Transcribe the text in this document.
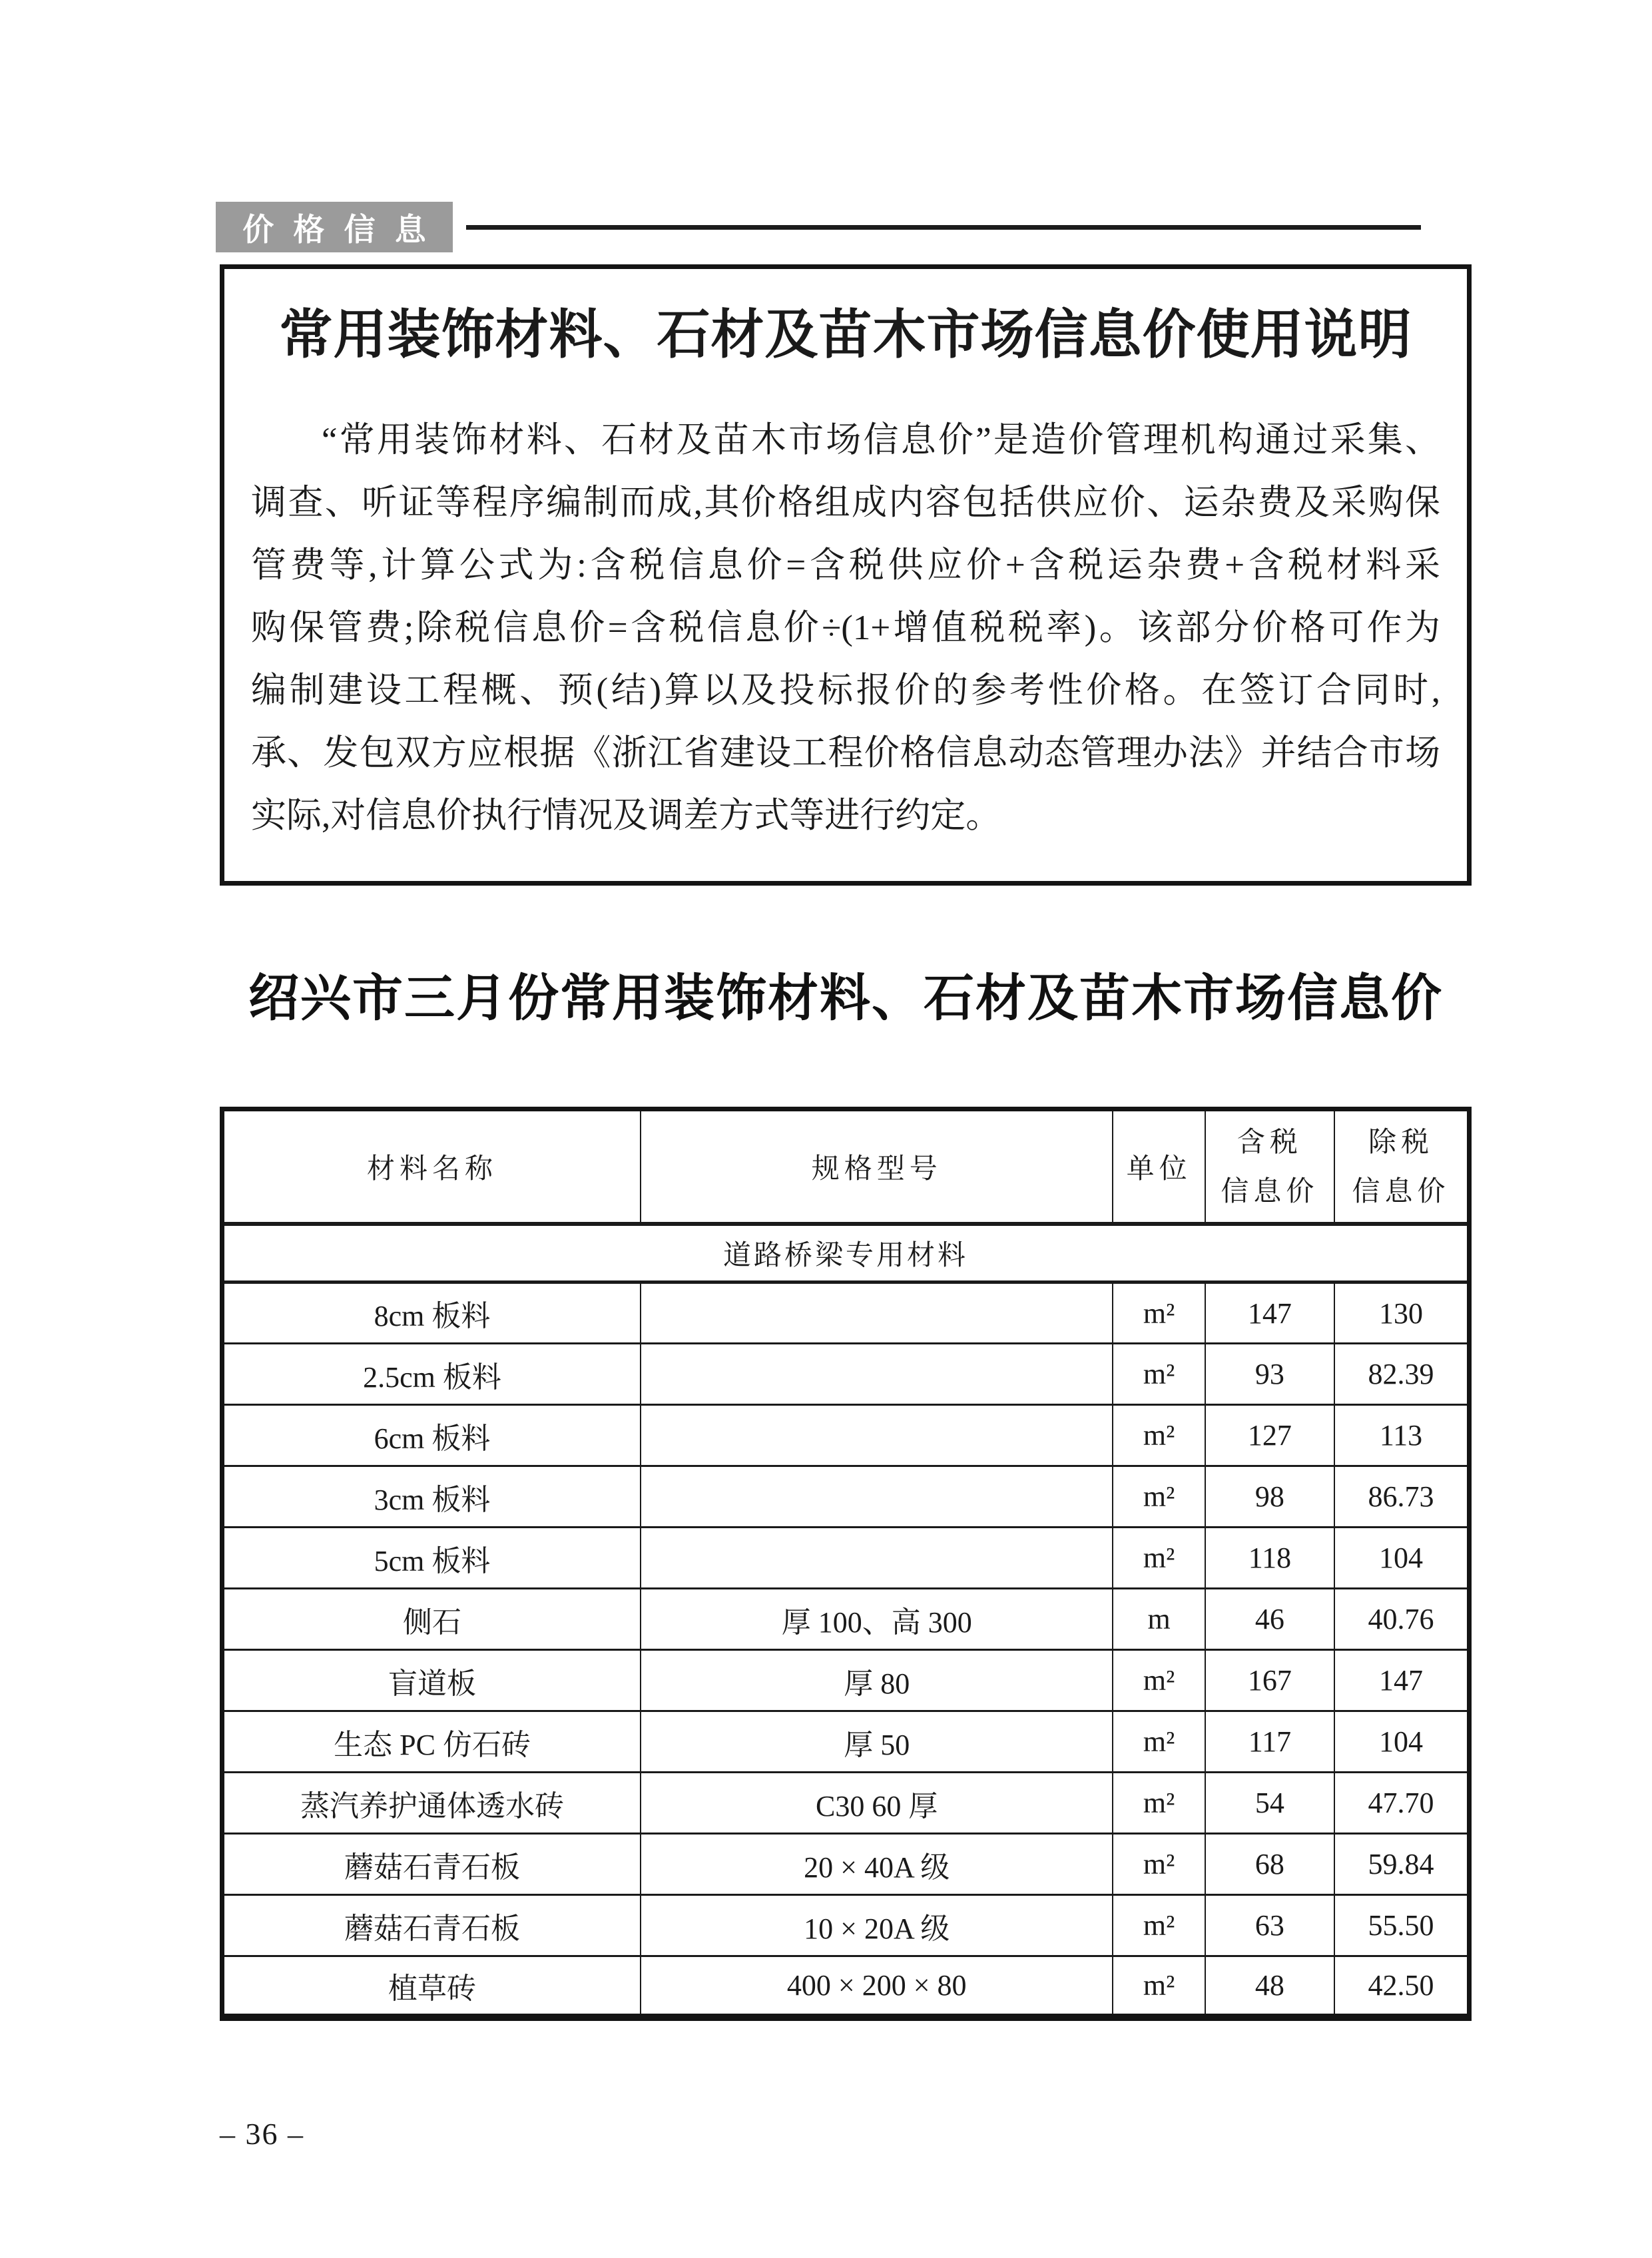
价格信息
常用装饰材料、石材及苗木市场信息价使用说明
“常用装饰材料、石材及苗木市场信息价”是造价管理机构通过采集、
调查、听证等程序编制而成,其价格组成内容包括供应价、运杂费及采购保
管费等,计算公式为:含税信息价=含税供应价+含税运杂费+含税材料采
购保管费;除税信息价=含税信息价÷(1+增值税税率)。该部分价格可作为
编制建设工程概、预(结)算以及投标报价的参考性价格。在签订合同时,
承、发包双方应根据《浙江省建设工程价格信息动态管理办法》并结合市场
实际,对信息价执行情况及调差方式等进行约定。
绍兴市三月份常用装饰材料、石材及苗木市场信息价
材料名称	规格型号	单位	含税
信息价	除税
信息价

道路桥梁专用材料				
8cm 板料		m²	147	130
2.5cm 板料		m²	93	82.39
6cm 板料		m²	127	113
3cm 板料		m²	98	86.73
5cm 板料		m²	118	104
侧石	厚 100、高 300	m	46	40.76
盲道板	厚 80	m²	167	147
生态 PC 仿石砖	厚 50	m²	117	104
蒸汽养护通体透水砖	C30 60 厚	m²	54	47.70
蘑菇石青石板	20 × 40A 级	m²	68	59.84
蘑菇石青石板	10 × 20A 级	m²	63	55.50
植草砖	400 × 200 × 80	m²	48	42.50
– 36 –
